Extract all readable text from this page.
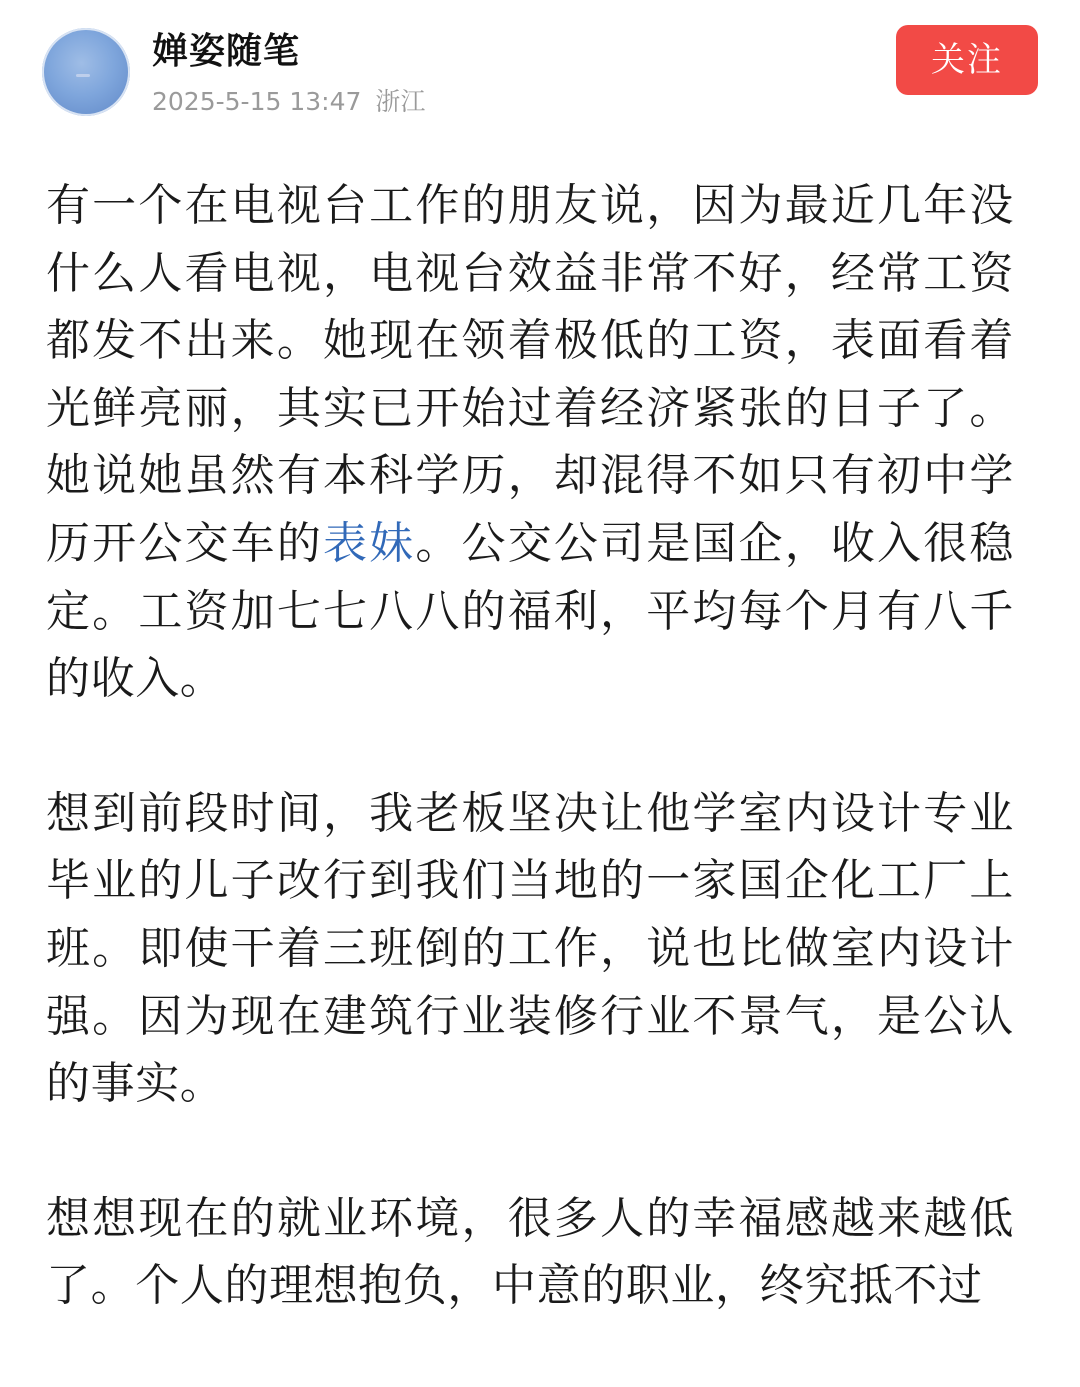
婵姿随笔
2025-5-15 13:47 浙江
关注

有一个在电视台工作的朋友说，因为最近几年没什么人看电视，电视台效益非常不好，经常工资都发不出来。她现在领着极低的工资，表面看着光鲜亮丽，其实已开始过着经济紧张的日子了。她说她虽然有本科学历，却混得不如只有初中学历开公交车的表妹。公交公司是国企，收入很稳定。工资加七七八八的福利，平均每个月有八千的收入。

想到前段时间，我老板坚决让他学室内设计专业毕业的儿子改行到我们当地的一家国企化工厂上班。即使干着三班倒的工作，说也比做室内设计强。因为现在建筑行业装修行业不景气，是公认的事实。

想想现在的就业环境，很多人的幸福感越来越低了。个人的理想抱负，中意的职业，终究抵不过
